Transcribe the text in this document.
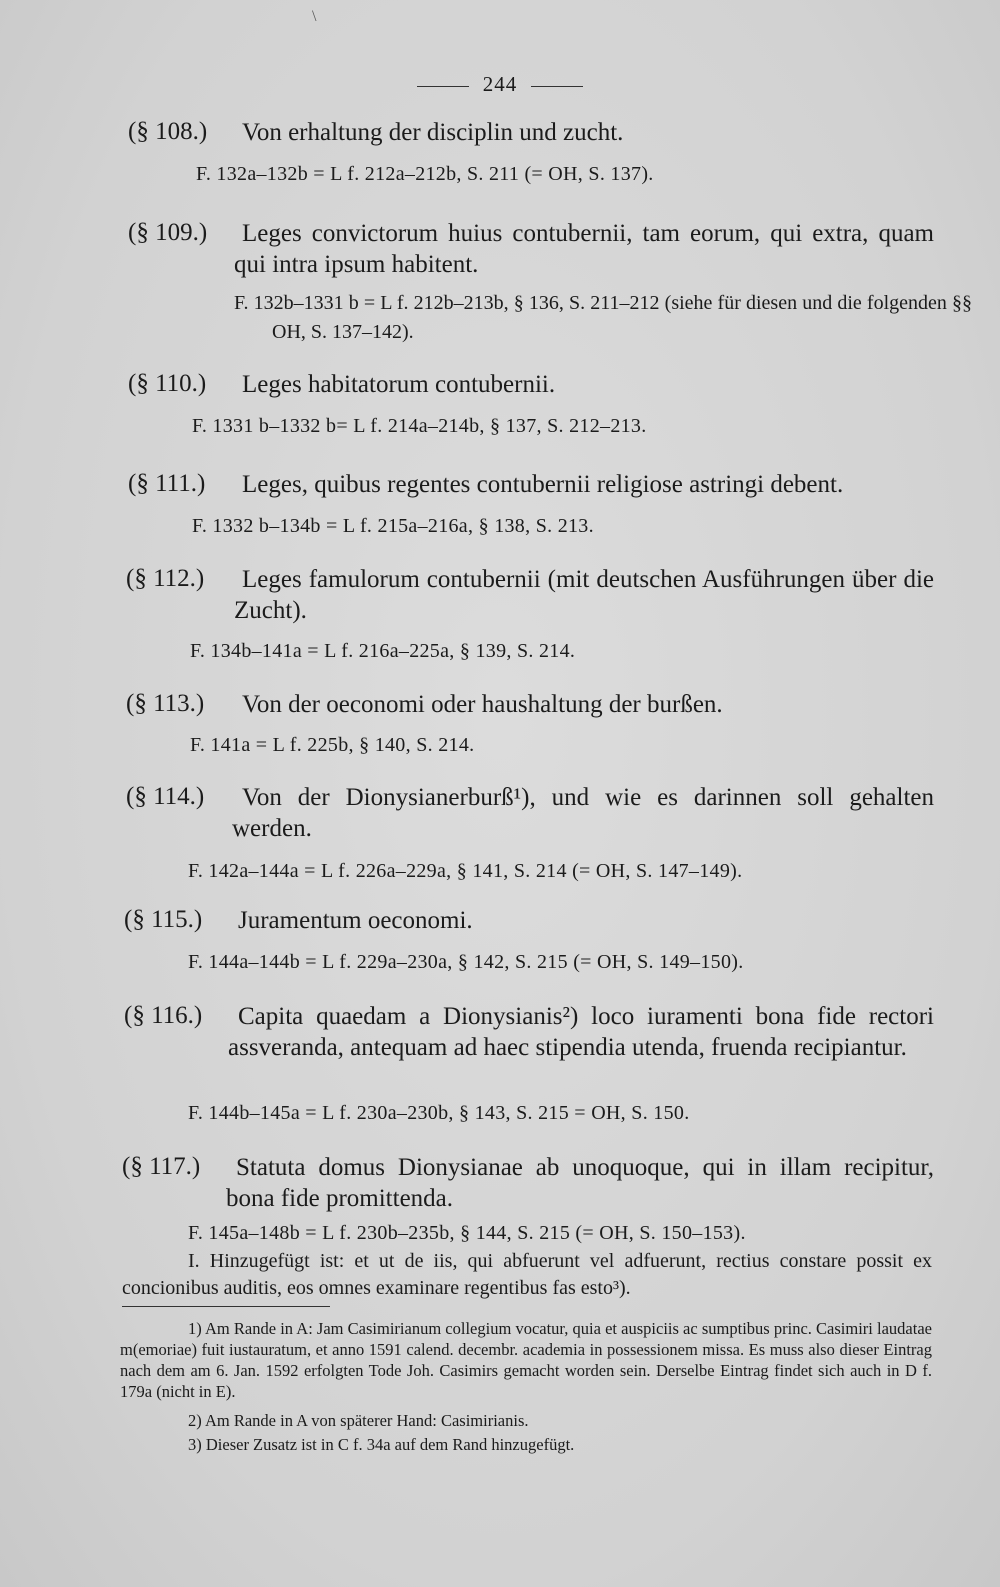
\
244
(§ 108.) Von erhaltung der disciplin und zucht.
F. 132a–132b = L f. 212a–212b, S. 211 (= OH, S. 137).
(§ 109.)	Leges convictorum huius contubernii, tam eorum, qui extra, quam qui intra ipsum habitent.
F. 132b–1331 b = L f. 212b–213b, § 136, S. 211–212 (siehe für diesen und die folgenden §§ OH, S. 137–142).
(§ 110.) Leges habitatorum contubernii.
F. 1331 b–1332 b= L f. 214a–214b, § 137, S. 212–213.
(§ 111.) Leges, quibus regentes contubernii religiose astringi debent.
F. 1332 b–134b = L f. 215a–216a, § 138, S. 213.
(§ 112.)	Leges famulorum contubernii (mit deutschen Ausführungen über die Zucht).
F. 134b–141a = L f. 216a–225a, § 139, S. 214.
(§ 113.) Von der oeconomi oder haushaltung der burßen.
F. 141a = L f. 225b, § 140, S. 214.
(§ 114.)	Von der Dionysianerburß¹), und wie es darinnen soll gehalten werden.
F. 142a–144a = L f. 226a–229a, § 141, S. 214 (= OH, S. 147–149).
(§ 115.) Juramentum oeconomi.
F. 144a–144b = L f. 229a–230a, § 142, S. 215 (= OH, S. 149–150).
(§ 116.)	Capita quaedam a Dionysianis²) loco iuramenti bona fide rectori assveranda, antequam ad haec stipendia utenda, fruenda recipiantur.
F. 144b–145a = L f. 230a–230b, § 143, S. 215 = OH, S. 150.
(§ 117.)	Statuta domus Dionysianae ab unoquoque, qui in illam recipitur, bona fide promittenda.
F. 145a–148b = L f. 230b–235b, § 144, S. 215 (= OH, S. 150–153).
I. Hinzugefügt ist: et ut de iis, qui abfuerunt vel adfuerunt, rectius constare possit ex concionibus auditis, eos omnes examinare regentibus fas esto³).
1) Am Rande in A: Jam Casimirianum collegium vocatur, quia et auspiciis ac sumptibus princ. Casimiri laudatae m(emoriae) fuit iustauratum, et anno 1591 calend. decembr. academia in possessionem missa. Es muss also dieser Eintrag nach dem am 6. Jan. 1592 erfolgten Tode Joh. Casimirs gemacht worden sein. Derselbe Eintrag findet sich auch in D f. 179a (nicht in E).
2) Am Rande in A von späterer Hand: Casimirianis.
3) Dieser Zusatz ist in C f. 34a auf dem Rand hinzugefügt.
